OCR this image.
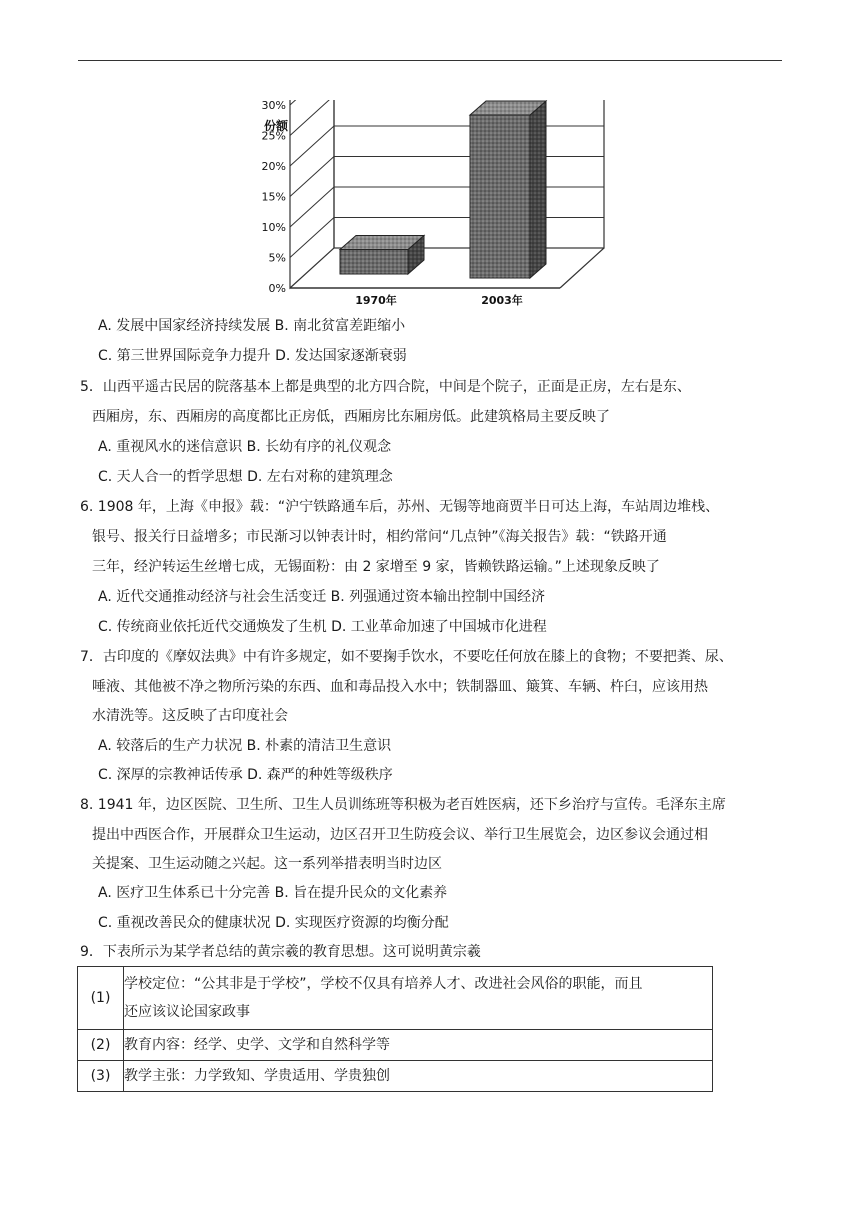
30%
25%
20%
15%
10%
5%
0%
1970年	2003年
份额
A. 发展中国家经济持续发展 B. 南北贫富差距缩小
C. 第三世界国际竞争力提升 D. 发达国家逐渐衰弱
5．山西平遥古民居的院落基本上都是典型的北方四合院，中间是个院子，正面是正房，左右是东、
西厢房，东、西厢房的高度都比正房低，西厢房比东厢房低。此建筑格局主要反映了
A. 重视风水的迷信意识 B. 长幼有序的礼仪观念
C. 天人合一的哲学思想 D. 左右对称的建筑理念
6. 1908 年，上海《申报》载：“沪宁铁路通车后，苏州、无锡等地商贾半日可达上海，车站周边堆栈、
银号、报关行日益增多；市民渐习以钟表计时，相约常问“几点钟”《海关报告》载：“铁路开通
三年，经沪转运生丝增七成，无锡面粉：由 2 家增至 9 家，皆赖铁路运输。”上述现象反映了
A. 近代交通推动经济与社会生活变迁 B. 列强通过资本输出控制中国经济
C. 传统商业依托近代交通焕发了生机 D. 工业革命加速了中国城市化进程
7．古印度的《摩奴法典》中有许多规定，如不要掬手饮水，不要吃任何放在膝上的食物；不要把粪、尿、
唾液、其他被不净之物所污染的东西、血和毒品投入水中；铁制器皿、簸箕、车辆、杵臼，应该用热
水清洗等。这反映了古印度社会
A. 较落后的生产力状况 B. 朴素的清洁卫生意识
C. 深厚的宗教神话传承 D. 森严的种姓等级秩序
8. 1941 年，边区医院、卫生所、卫生人员训练班等积极为老百姓医病，还下乡治疗与宣传。毛泽东主席
提出中西医合作，开展群众卫生运动，边区召开卫生防疫会议、举行卫生展览会，边区参议会通过相
关提案、卫生运动随之兴起。这一系列举措表明当时边区
A. 医疗卫生体系已十分完善 B. 旨在提升民众的文化素养
C. 重视改善民众的健康状况 D. 实现医疗资源的均衡分配
9．下表所示为某学者总结的黄宗羲的教育思想。这可说明黄宗羲
(1)	学校定位：“公其非是于学校”，学校不仅具有培养人才、改进社会风俗的职能，而且
还应该议论国家政事

(2)	教育内容：经学、史学、文学和自然科学等
(3)	教学主张：力学致知、学贵适用、学贵独创
